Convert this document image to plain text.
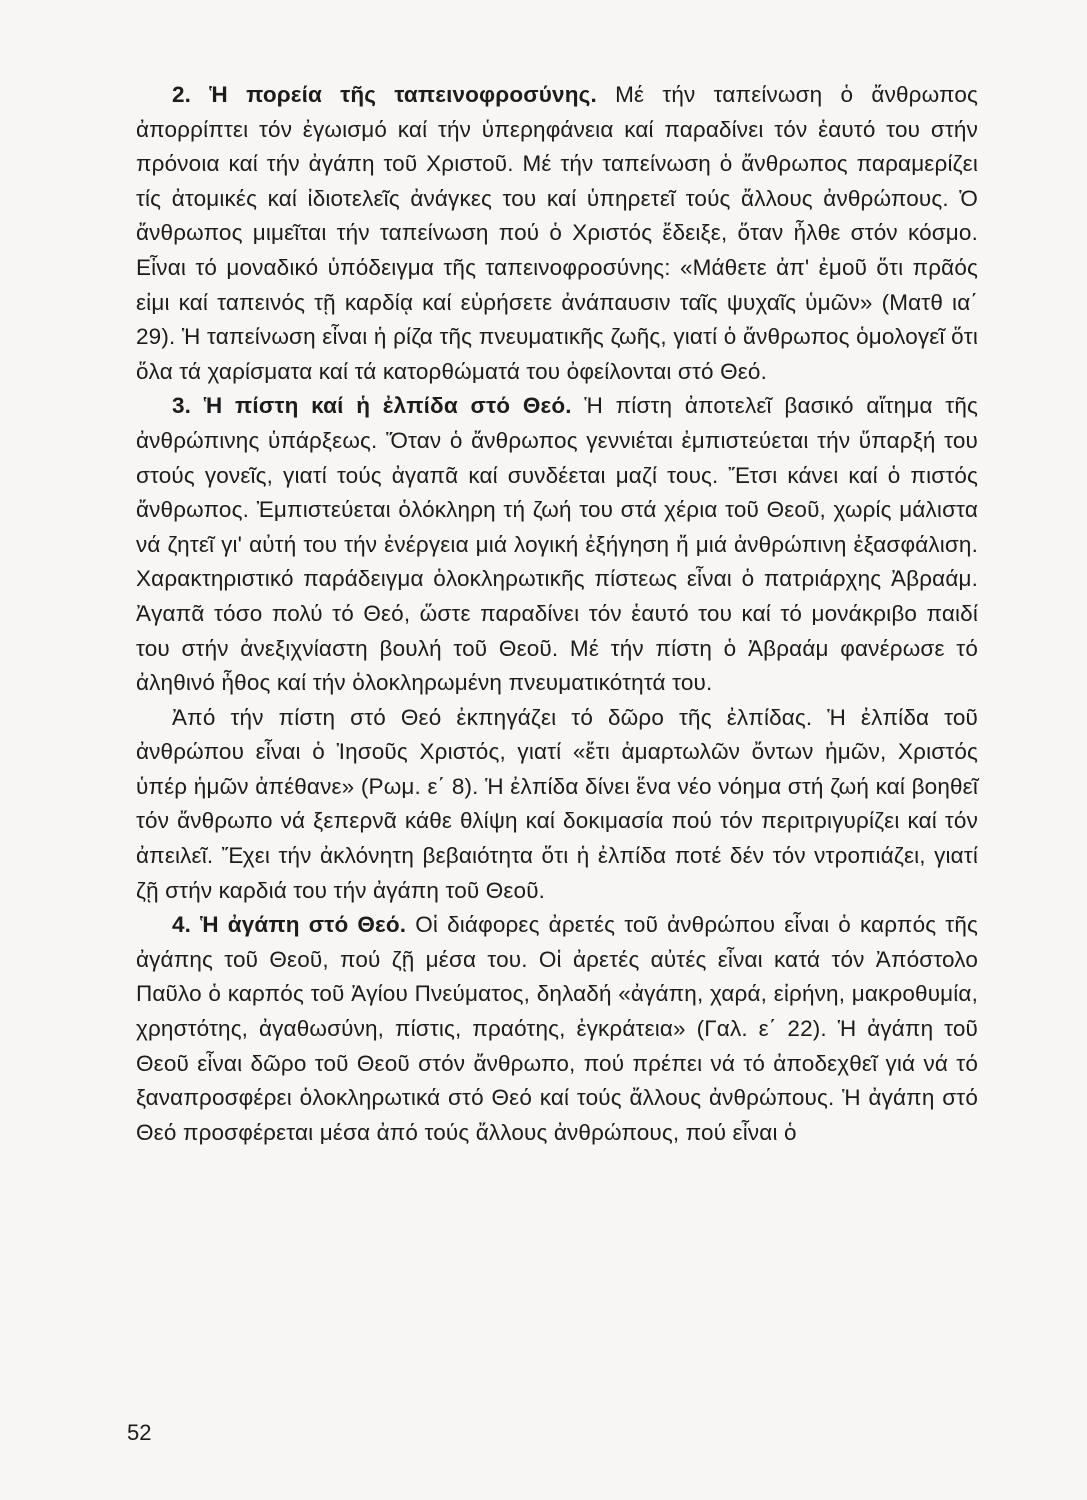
2. Ἡ πορεία τῆς ταπεινοφροσύνης. Μέ τήν ταπείνωση ὁ ἄνθρωπος ἀπορρίπτει τόν ἐγωισμό καί τήν ὑπερηφάνεια καί παραδίνει τόν ἑαυτό του στήν πρόνοια καί τήν ἀγάπη τοῦ Χριστοῦ. Μέ τήν ταπείνωση ὁ ἄνθρωπος παραμερίζει τίς ἀτομικές καί ἰδιοτελεῖς ἀνάγκες του καί ὑπηρετεῖ τούς ἄλλους ἀνθρώπους. Ὁ ἄνθρωπος μιμεῖται τήν ταπείνωση πού ὁ Χριστός ἔδειξε, ὅταν ἦλθε στόν κόσμο. Εἶναι τό μοναδικό ὑπόδειγμα τῆς ταπεινοφροσύνης: «Μάθετε ἀπ' ἐμοῦ ὅτι πρᾶός εἰμι καί ταπεινός τῇ καρδίᾳ καί εὑρήσετε ἀνάπαυσιν ταῖς ψυχαῖς ὑμῶν» (Ματθ ια΄ 29). Ἡ ταπείνωση εἶναι ἡ ρίζα τῆς πνευματικῆς ζωῆς, γιατί ὁ ἄνθρωπος ὁμολογεῖ ὅτι ὅλα τά χαρίσματα καί τά κατορθώματά του ὀφείλονται στό Θεό.

3. Ἡ πίστη καί ἡ ἐλπίδα στό Θεό. Ἡ πίστη ἀποτελεῖ βασικό αἴτημα τῆς ἀνθρώπινης ὑπάρξεως. Ὅταν ὁ ἄνθρωπος γεννιέται ἐμπιστεύεται τήν ὕπαρξή του στούς γονεῖς, γιατί τούς ἀγαπᾶ καί συνδέεται μαζί τους. Ἔτσι κάνει καί ὁ πιστός ἄνθρωπος. Ἐμπιστεύεται ὁλόκληρη τή ζωή του στά χέρια τοῦ Θεοῦ, χωρίς μάλιστα νά ζητεῖ γι' αὐτή του τήν ἐνέργεια μιά λογική ἐξήγηση ἤ μιά ἀνθρώπινη ἐξασφάλιση. Χαρακτηριστικό παράδειγμα ὁλοκληρωτικῆς πίστεως εἶναι ὁ πατριάρχης Ἀβραάμ. Ἀγαπᾶ τόσο πολύ τό Θεό, ὥστε παραδίνει τόν ἑαυτό του καί τό μονάκριβο παιδί του στήν ἀνεξιχνίαστη βουλή τοῦ Θεοῦ. Μέ τήν πίστη ὁ Ἀβραάμ φανέρωσε τό ἀληθινό ἦθος καί τήν ὁλοκληρωμένη πνευματικότητά του.

Ἀπό τήν πίστη στό Θεό ἐκπηγάζει τό δῶρο τῆς ἐλπίδας. Ἡ ἐλπίδα τοῦ ἀνθρώπου εἶναι ὁ Ἰησοῦς Χριστός, γιατί «ἔτι ἁμαρτωλῶν ὄντων ἡμῶν, Χριστός ὑπέρ ἡμῶν ἀπέθανε» (Ρωμ. ε΄ 8). Ἡ ἐλπίδα δίνει ἕνα νέο νόημα στή ζωή καί βοηθεῖ τόν ἄνθρωπο νά ξεπερνᾶ κάθε θλίψη καί δοκιμασία πού τόν περιτριγυρίζει καί τόν ἀπειλεῖ. Ἔχει τήν ἀκλόνητη βεβαιότητα ὅτι ἡ ἐλπίδα ποτέ δέν τόν ντροπιάζει, γιατί ζῇ στήν καρδιά του τήν ἀγάπη τοῦ Θεοῦ.

4. Ἡ ἀγάπη στό Θεό. Οἱ διάφορες ἀρετές τοῦ ἀνθρώπου εἶναι ὁ καρπός τῆς ἀγάπης τοῦ Θεοῦ, πού ζῇ μέσα του. Οἱ ἀρετές αὐτές εἶναι κατά τόν Ἀπόστολο Παῦλο ὁ καρπός τοῦ Ἁγίου Πνεύματος, δηλαδή «ἀγάπη, χαρά, εἰρήνη, μακροθυμία, χρηστότης, ἀγαθωσύνη, πίστις, πραότης, ἐγκράτεια» (Γαλ. ε΄ 22). Ἡ ἀγάπη τοῦ Θεοῦ εἶναι δῶρο τοῦ Θεοῦ στόν ἄνθρωπο, πού πρέπει νά τό ἀποδεχθεῖ γιά νά τό ξαναπροσφέρει ὁλοκληρωτικά στό Θεό καί τούς ἄλλους ἀνθρώπους. Ἡ ἀγάπη στό Θεό προσφέρεται μέσα ἀπό τούς ἄλλους ἀνθρώπους, πού εἶναι ὁ

52
